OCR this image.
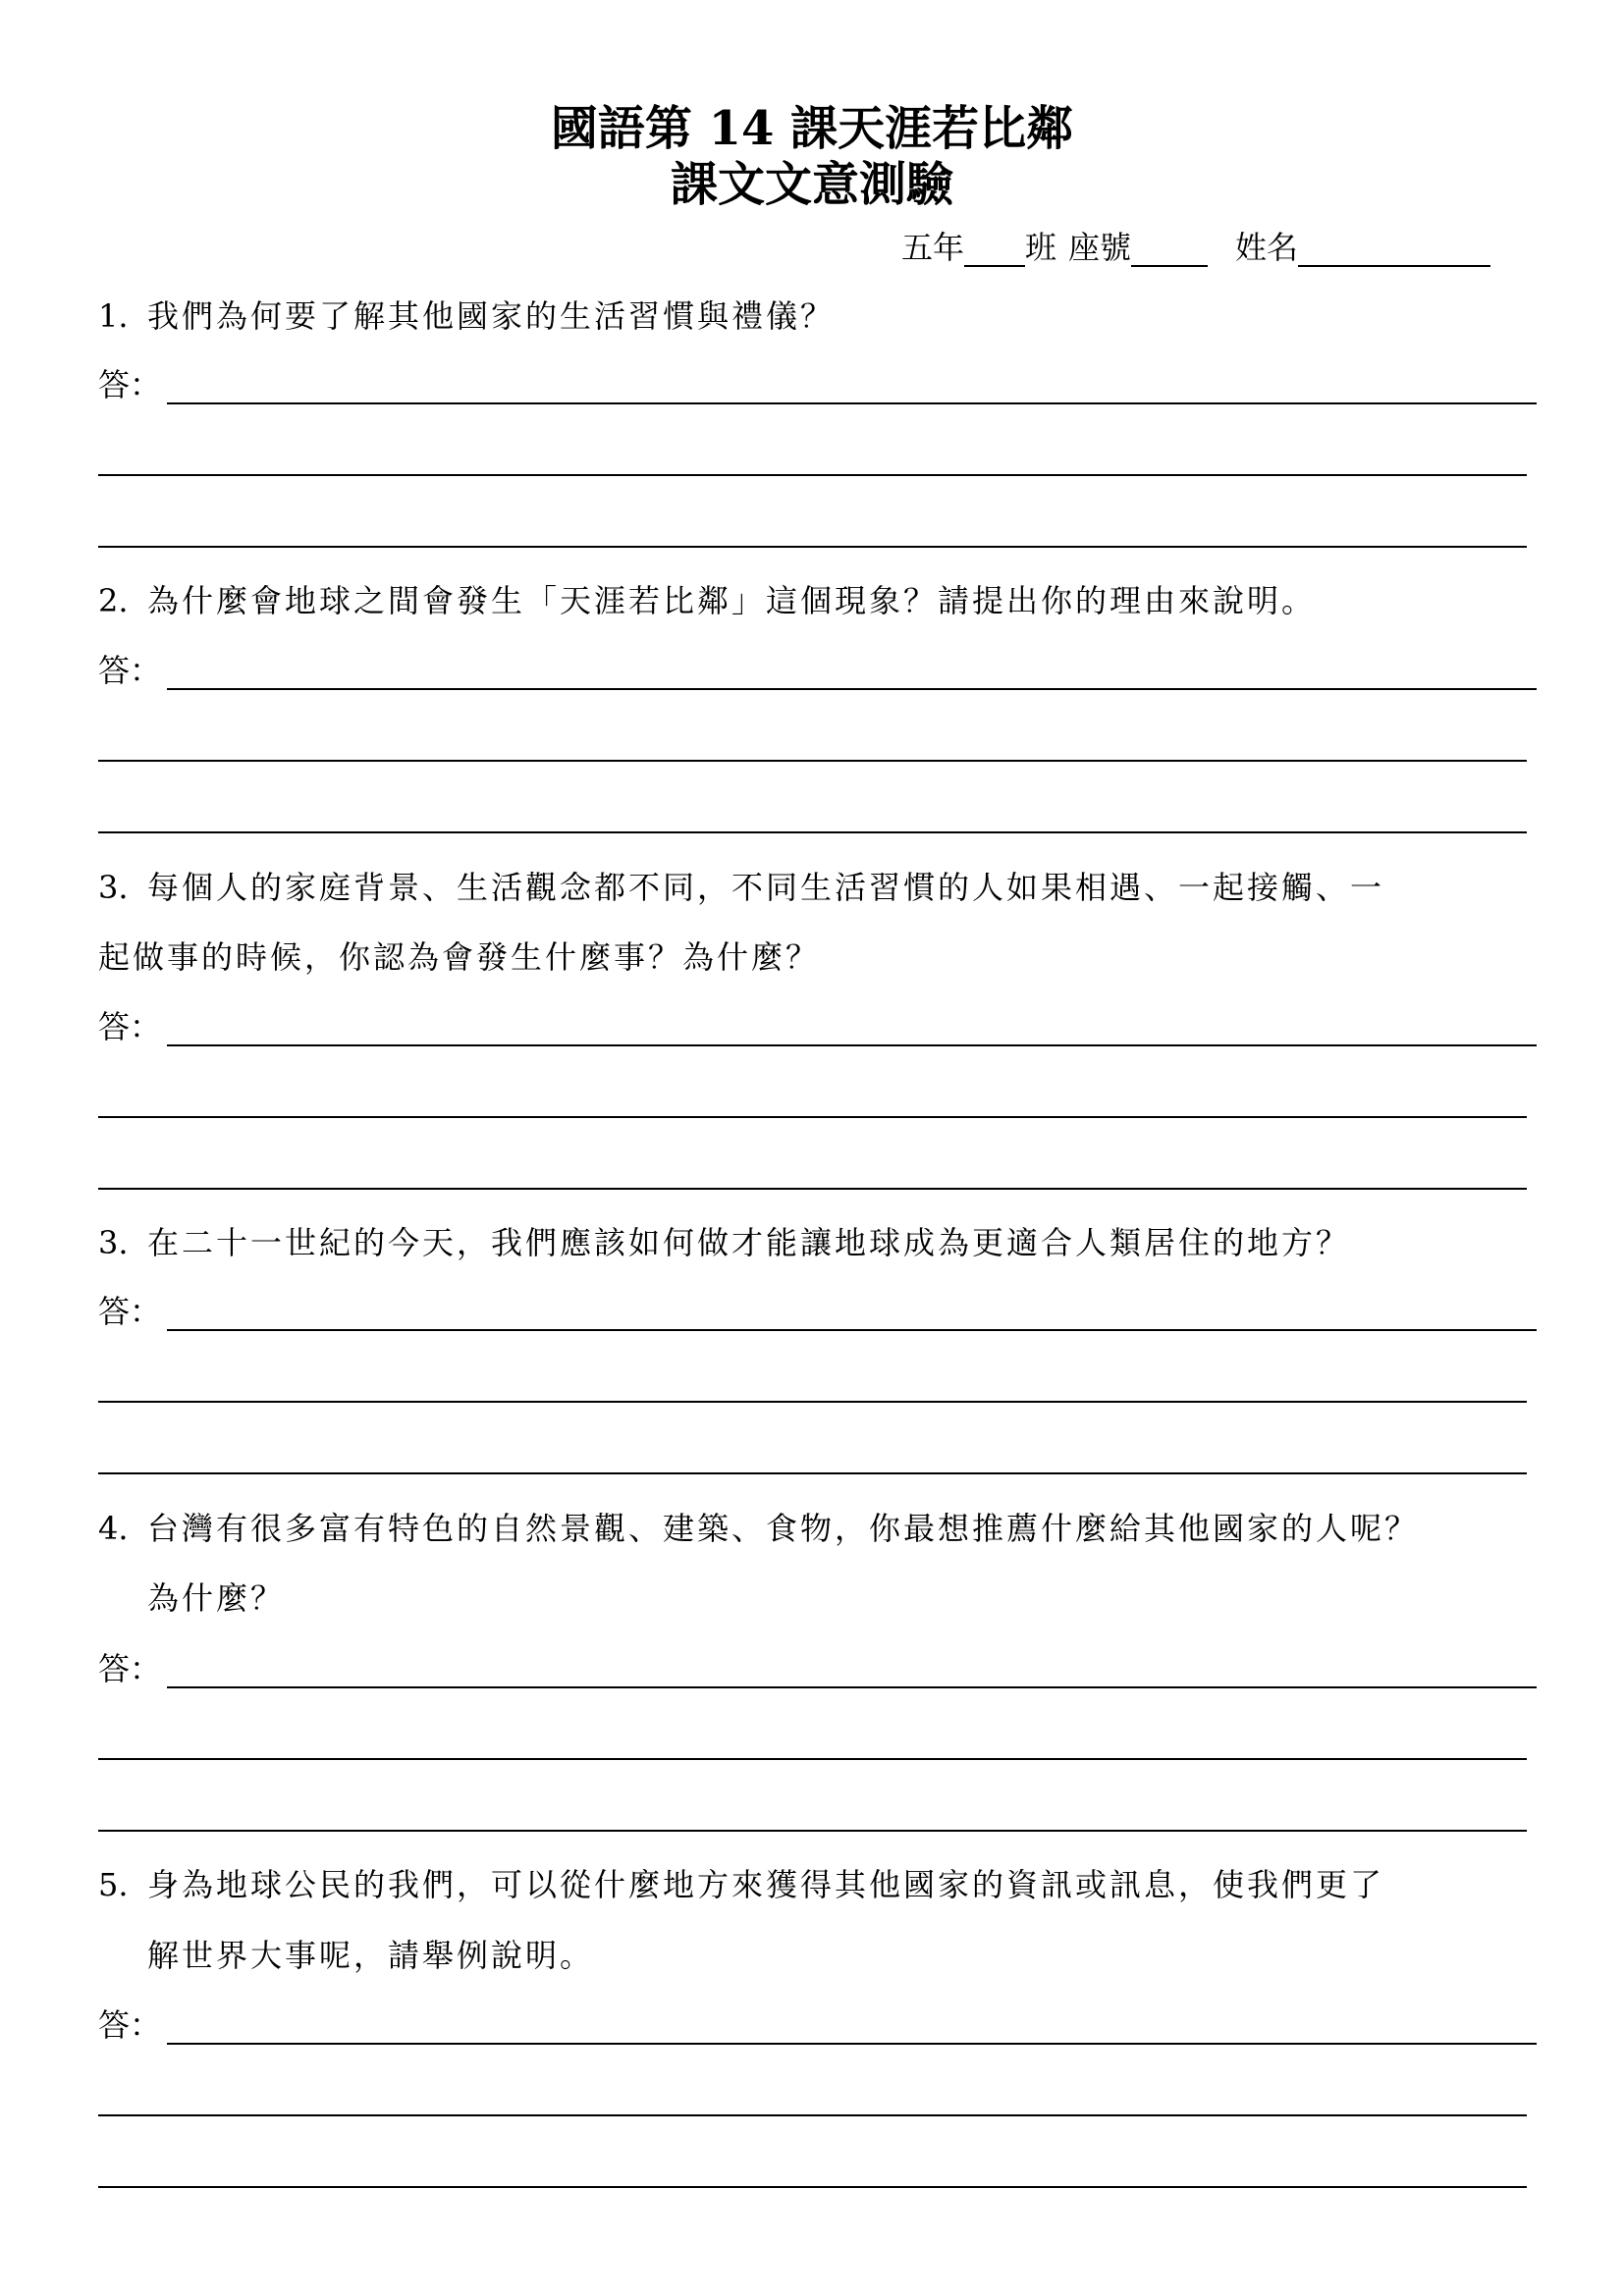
國語第 14 課天涯若比鄰
課文文意測驗
五年 班 座號	姓名
1. 我們為何要了解其他國家的生活習慣與禮儀？
答：
2. 為什麼會地球之間會發生「天涯若比鄰」這個現象？請提出你的理由來說明。
答：
3. 每個人的家庭背景、生活觀念都不同，不同生活習慣的人如果相遇、一起接觸、一
起做事的時候，你認為會發生什麼事？為什麼？
答：
3. 在二十一世紀的今天，我們應該如何做才能讓地球成為更適合人類居住的地方？
答：
4. 台灣有很多富有特色的自然景觀、建築、食物，你最想推薦什麼給其他國家的人呢？
為什麼？
答：
5. 身為地球公民的我們，可以從什麼地方來獲得其他國家的資訊或訊息，使我們更了
解世界大事呢，請舉例說明。
答：
